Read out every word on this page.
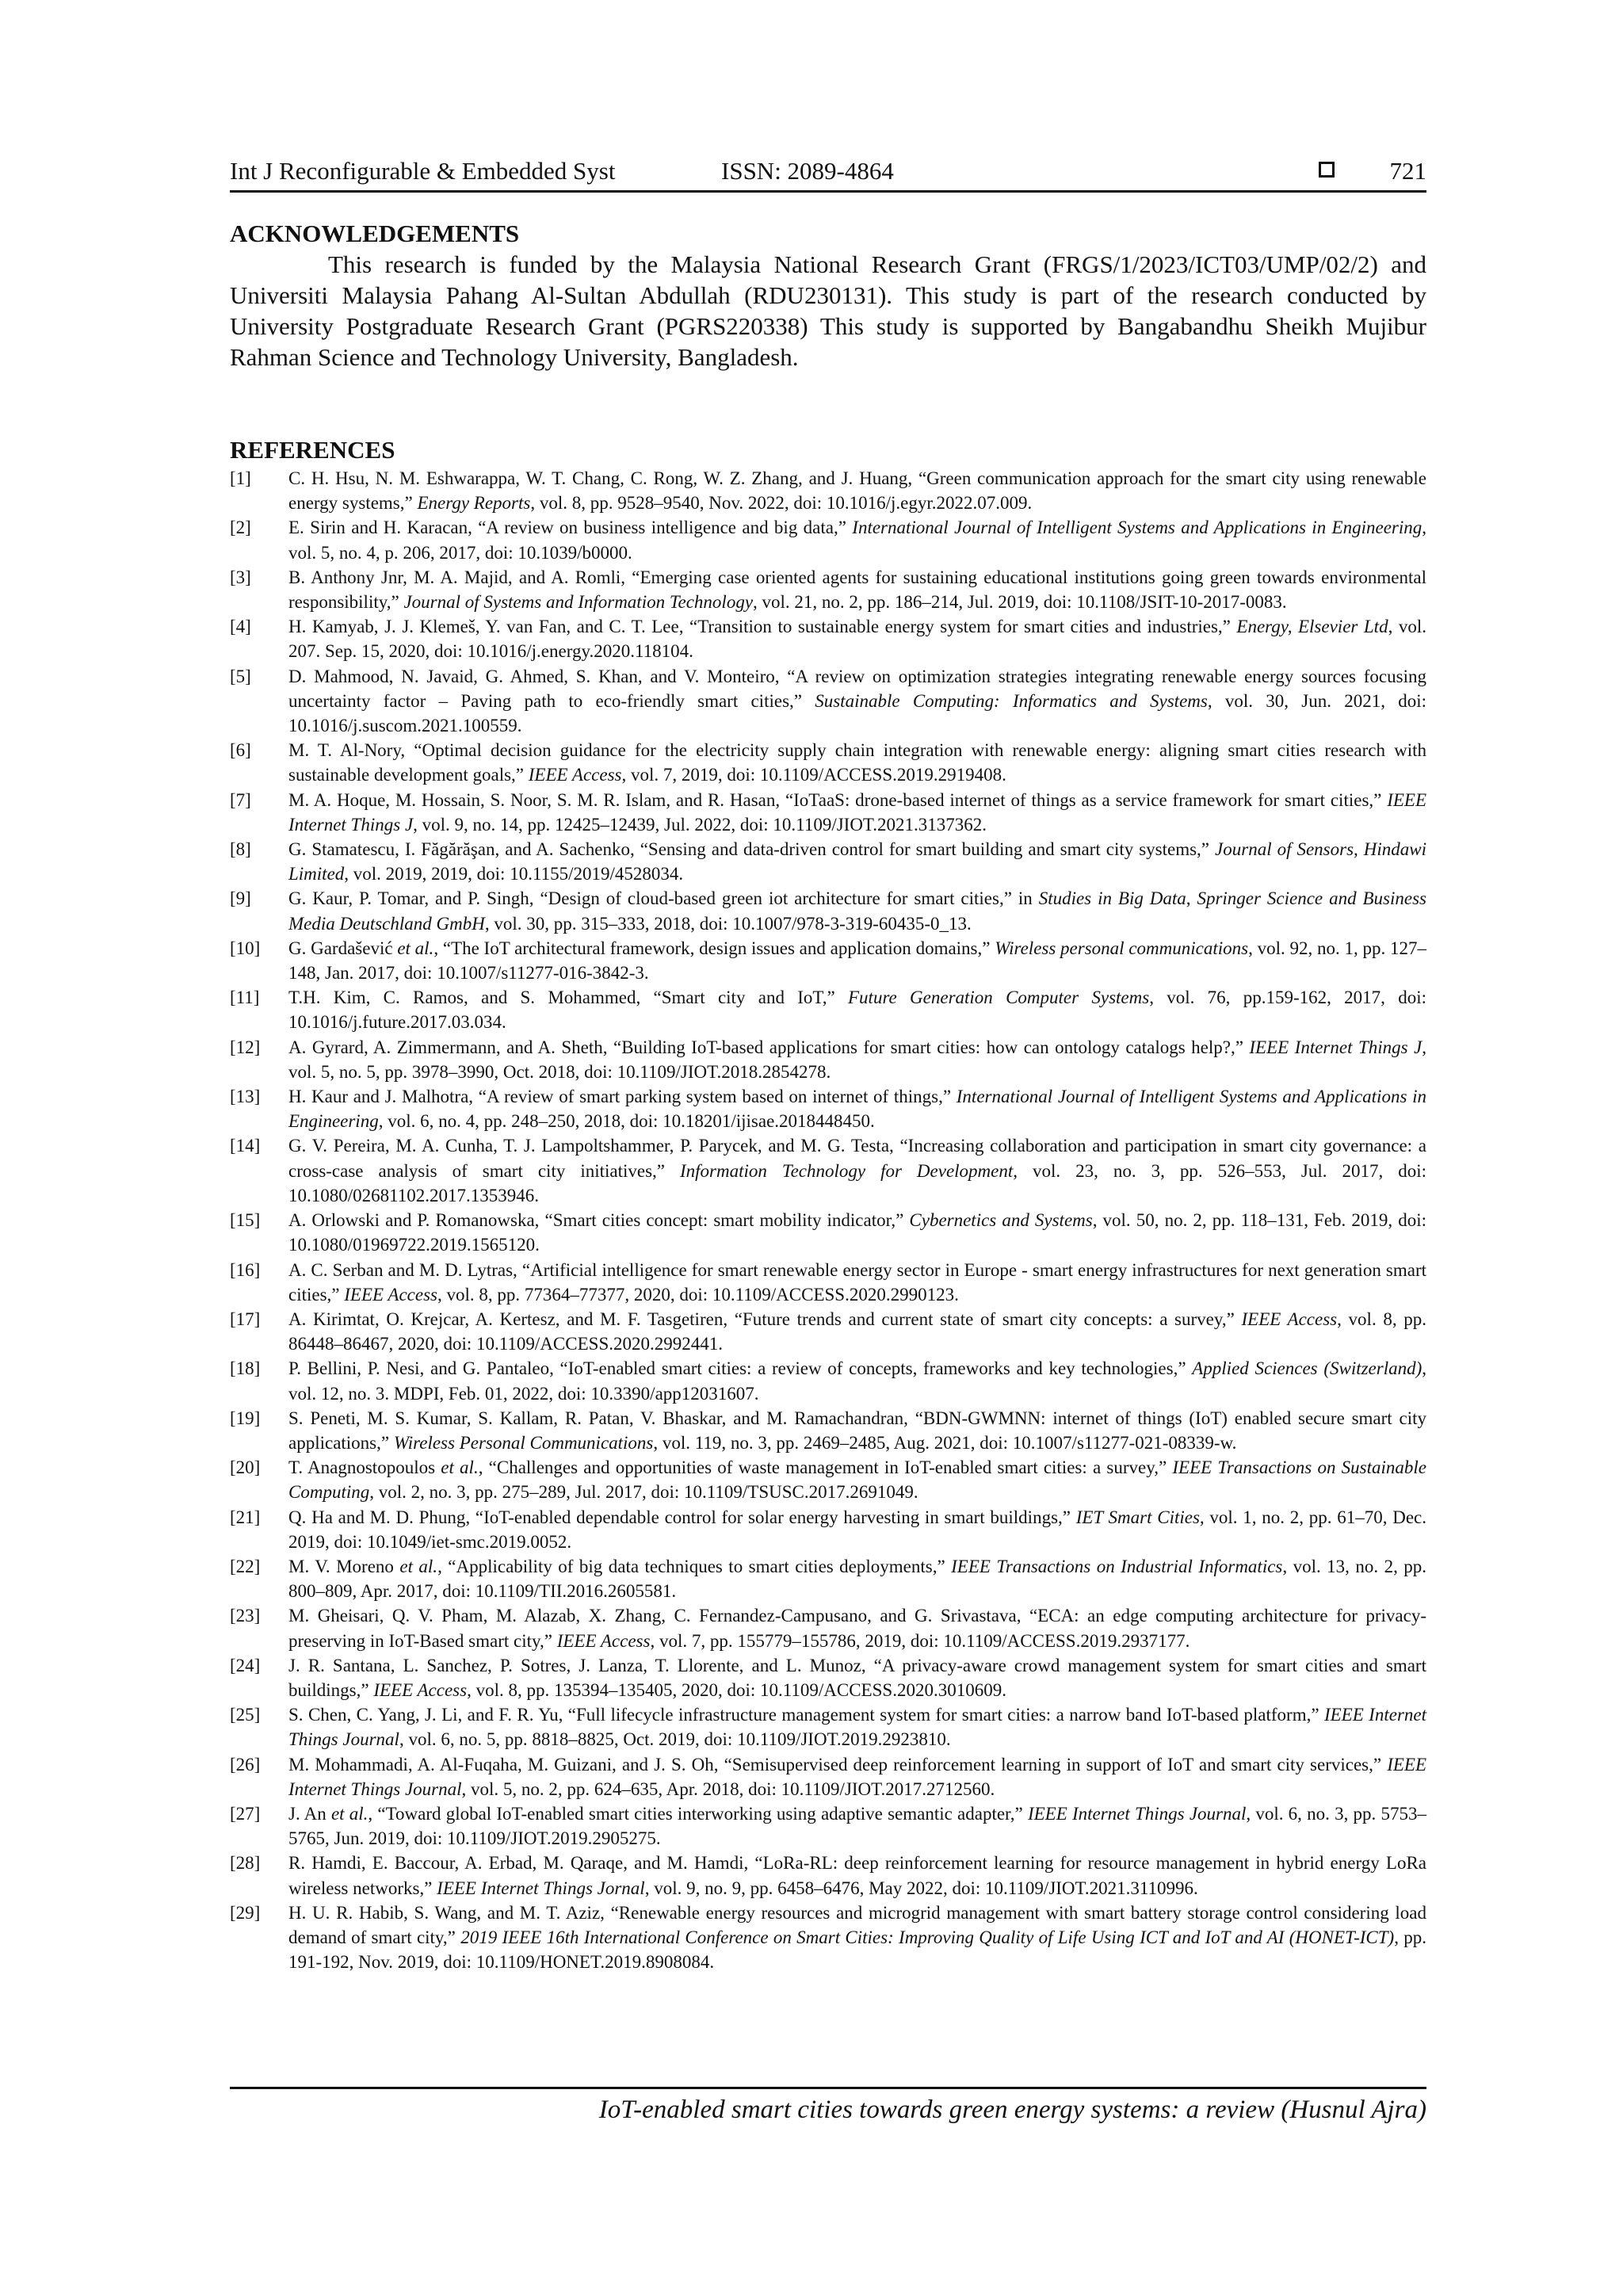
Int J Reconfigurable & Embedded Syst	ISSN: 2089-4864	721
ACKNOWLEDGEMENTS
This research is funded by the Malaysia National Research Grant (FRGS/1/2023/ICT03/UMP/02/2) and Universiti Malaysia Pahang Al-Sultan Abdullah (RDU230131). This study is part of the research conducted by University Postgraduate Research Grant (PGRS220338) This study is supported by Bangabandhu Sheikh Mujibur Rahman Science and Technology University, Bangladesh.
REFERENCES
[1] C. H. Hsu, N. M. Eshwarappa, W. T. Chang, C. Rong, W. Z. Zhang, and J. Huang, “Green communication approach for the smart city using renewable energy systems,” Energy Reports, vol. 8, pp. 9528–9540, Nov. 2022, doi: 10.1016/j.egyr.2022.07.009.
[2] E. Sirin and H. Karacan, “A review on business intelligence and big data,” International Journal of Intelligent Systems and Applications in Engineering, vol. 5, no. 4, p. 206, 2017, doi: 10.1039/b0000.
[3] B. Anthony Jnr, M. A. Majid, and A. Romli, “Emerging case oriented agents for sustaining educational institutions going green towards environmental responsibility,” Journal of Systems and Information Technology, vol. 21, no. 2, pp. 186–214, Jul. 2019, doi: 10.1108/JSIT-10-2017-0083.
[4] H. Kamyab, J. J. Klemeš, Y. van Fan, and C. T. Lee, “Transition to sustainable energy system for smart cities and industries,” Energy, Elsevier Ltd, vol. 207. Sep. 15, 2020, doi: 10.1016/j.energy.2020.118104.
[5] D. Mahmood, N. Javaid, G. Ahmed, S. Khan, and V. Monteiro, “A review on optimization strategies integrating renewable energy sources focusing uncertainty factor – Paving path to eco-friendly smart cities,” Sustainable Computing: Informatics and Systems, vol. 30, Jun. 2021, doi: 10.1016/j.suscom.2021.100559.
[6] M. T. Al-Nory, “Optimal decision guidance for the electricity supply chain integration with renewable energy: aligning smart cities research with sustainable development goals,” IEEE Access, vol. 7, 2019, doi: 10.1109/ACCESS.2019.2919408.
[7] M. A. Hoque, M. Hossain, S. Noor, S. M. R. Islam, and R. Hasan, “IoTaaS: drone-based internet of things as a service framework for smart cities,” IEEE Internet Things J, vol. 9, no. 14, pp. 12425–12439, Jul. 2022, doi: 10.1109/JIOT.2021.3137362.
[8] G. Stamatescu, I. Făgărăşan, and A. Sachenko, “Sensing and data-driven control for smart building and smart city systems,” Journal of Sensors, Hindawi Limited, vol. 2019, 2019, doi: 10.1155/2019/4528034.
[9] G. Kaur, P. Tomar, and P. Singh, “Design of cloud-based green iot architecture for smart cities,” in Studies in Big Data, Springer Science and Business Media Deutschland GmbH, vol. 30, pp. 315–333, 2018, doi: 10.1007/978-3-319-60435-0_13.
[10] G. Gardašević et al., “The IoT architectural framework, design issues and application domains,” Wireless personal communications, vol. 92, no. 1, pp. 127–148, Jan. 2017, doi: 10.1007/s11277-016-3842-3.
[11] T.H. Kim, C. Ramos, and S. Mohammed, “Smart city and IoT,” Future Generation Computer Systems, vol. 76, pp.159-162, 2017, doi: 10.1016/j.future.2017.03.034.
[12] A. Gyrard, A. Zimmermann, and A. Sheth, “Building IoT-based applications for smart cities: how can ontology catalogs help?,” IEEE Internet Things J, vol. 5, no. 5, pp. 3978–3990, Oct. 2018, doi: 10.1109/JIOT.2018.2854278.
[13] H. Kaur and J. Malhotra, “A review of smart parking system based on internet of things,” International Journal of Intelligent Systems and Applications in Engineering, vol. 6, no. 4, pp. 248–250, 2018, doi: 10.18201/ijisae.2018448450.
[14] G. V. Pereira, M. A. Cunha, T. J. Lampoltshammer, P. Parycek, and M. G. Testa, “Increasing collaboration and participation in smart city governance: a cross-case analysis of smart city initiatives,” Information Technology for Development, vol. 23, no. 3, pp. 526–553, Jul. 2017, doi: 10.1080/02681102.2017.1353946.
[15] A. Orlowski and P. Romanowska, “Smart cities concept: smart mobility indicator,” Cybernetics and Systems, vol. 50, no. 2, pp. 118–131, Feb. 2019, doi: 10.1080/01969722.2019.1565120.
[16] A. C. Serban and M. D. Lytras, “Artificial intelligence for smart renewable energy sector in Europe - smart energy infrastructures for next generation smart cities,” IEEE Access, vol. 8, pp. 77364–77377, 2020, doi: 10.1109/ACCESS.2020.2990123.
[17] A. Kirimtat, O. Krejcar, A. Kertesz, and M. F. Tasgetiren, “Future trends and current state of smart city concepts: a survey,” IEEE Access, vol. 8, pp. 86448–86467, 2020, doi: 10.1109/ACCESS.2020.2992441.
[18] P. Bellini, P. Nesi, and G. Pantaleo, “IoT-enabled smart cities: a review of concepts, frameworks and key technologies,” Applied Sciences (Switzerland), vol. 12, no. 3. MDPI, Feb. 01, 2022, doi: 10.3390/app12031607.
[19] S. Peneti, M. S. Kumar, S. Kallam, R. Patan, V. Bhaskar, and M. Ramachandran, “BDN-GWMNN: internet of things (IoT) enabled secure smart city applications,” Wireless Personal Communications, vol. 119, no. 3, pp. 2469–2485, Aug. 2021, doi: 10.1007/s11277-021-08339-w.
[20] T. Anagnostopoulos et al., “Challenges and opportunities of waste management in IoT-enabled smart cities: a survey,” IEEE Transactions on Sustainable Computing, vol. 2, no. 3, pp. 275–289, Jul. 2017, doi: 10.1109/TSUSC.2017.2691049.
[21] Q. Ha and M. D. Phung, “IoT-enabled dependable control for solar energy harvesting in smart buildings,” IET Smart Cities, vol. 1, no. 2, pp. 61–70, Dec. 2019, doi: 10.1049/iet-smc.2019.0052.
[22] M. V. Moreno et al., “Applicability of big data techniques to smart cities deployments,” IEEE Transactions on Industrial Informatics, vol. 13, no. 2, pp. 800–809, Apr. 2017, doi: 10.1109/TII.2016.2605581.
[23] M. Gheisari, Q. V. Pham, M. Alazab, X. Zhang, C. Fernandez-Campusano, and G. Srivastava, “ECA: an edge computing architecture for privacy-preserving in IoT-Based smart city,” IEEE Access, vol. 7, pp. 155779–155786, 2019, doi: 10.1109/ACCESS.2019.2937177.
[24] J. R. Santana, L. Sanchez, P. Sotres, J. Lanza, T. Llorente, and L. Munoz, “A privacy-aware crowd management system for smart cities and smart buildings,” IEEE Access, vol. 8, pp. 135394–135405, 2020, doi: 10.1109/ACCESS.2020.3010609.
[25] S. Chen, C. Yang, J. Li, and F. R. Yu, “Full lifecycle infrastructure management system for smart cities: a narrow band IoT-based platform,” IEEE Internet Things Journal, vol. 6, no. 5, pp. 8818–8825, Oct. 2019, doi: 10.1109/JIOT.2019.2923810.
[26] M. Mohammadi, A. Al-Fuqaha, M. Guizani, and J. S. Oh, “Semisupervised deep reinforcement learning in support of IoT and smart city services,” IEEE Internet Things Journal, vol. 5, no. 2, pp. 624–635, Apr. 2018, doi: 10.1109/JIOT.2017.2712560.
[27] J. An et al., “Toward global IoT-enabled smart cities interworking using adaptive semantic adapter,” IEEE Internet Things Journal, vol. 6, no. 3, pp. 5753–5765, Jun. 2019, doi: 10.1109/JIOT.2019.2905275.
[28] R. Hamdi, E. Baccour, A. Erbad, M. Qaraqe, and M. Hamdi, “LoRa-RL: deep reinforcement learning for resource management in hybrid energy LoRa wireless networks,” IEEE Internet Things Jornal, vol. 9, no. 9, pp. 6458–6476, May 2022, doi: 10.1109/JIOT.2021.3110996.
[29] H. U. R. Habib, S. Wang, and M. T. Aziz, “Renewable energy resources and microgrid management with smart battery storage control considering load demand of smart city,” 2019 IEEE 16th International Conference on Smart Cities: Improving Quality of Life Using ICT and IoT and AI (HONET-ICT), pp. 191-192, Nov. 2019, doi: 10.1109/HONET.2019.8908084.
IoT-enabled smart cities towards green energy systems: a review (Husnul Ajra)
